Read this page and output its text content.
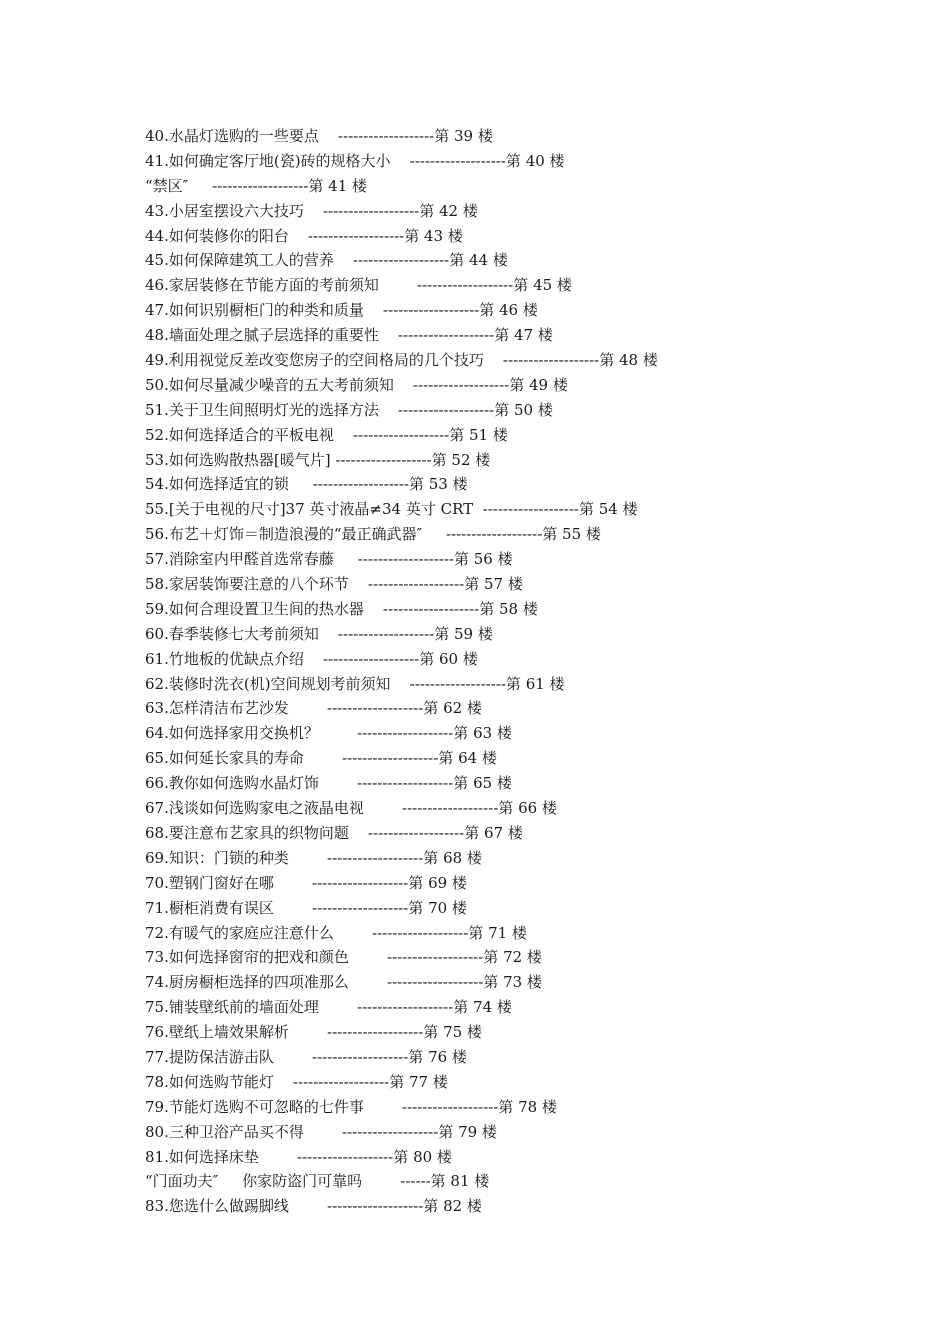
40.水晶灯选购的一些要点    -------------------第 39 楼
41.如何确定客厅地(瓷)砖的规格大小    -------------------第 40 楼
“禁区″     -------------------第 41 楼
43.小居室摆设六大技巧    -------------------第 42 楼
44.如何装修你的阳台    -------------------第 43 楼
45.如何保障建筑工人的营养    -------------------第 44 楼
46.家居装修在节能方面的考前须知        -------------------第 45 楼
47.如何识别橱柜门的种类和质量    -------------------第 46 楼
48.墙面处理之腻子层选择的重要性    -------------------第 47 楼
49.利用视觉反差改变您房子的空间格局的几个技巧    -------------------第 48 楼
50.如何尽量减少噪音的五大考前须知    -------------------第 49 楼
51.关于卫生间照明灯光的选择方法    -------------------第 50 楼
52.如何选择适合的平板电视    -------------------第 51 楼
53.如何选购散热器[暖气片] -------------------第 52 楼
54.如何选择适宜的锁     -------------------第 53 楼
55.[关于电视的尺寸]37 英寸液晶≠34 英寸 CRT  -------------------第 54 楼
56.布艺＋灯饰＝制造浪漫的“最正确武器″     -------------------第 55 楼
57.消除室内甲醛首选常春藤     -------------------第 56 楼
58.家居装饰要注意的八个环节    -------------------第 57 楼
59.如何合理设置卫生间的热水器    -------------------第 58 楼
60.春季装修七大考前须知    -------------------第 59 楼
61.竹地板的优缺点介绍    -------------------第 60 楼
62.装修时洗衣(机)空间规划考前须知    -------------------第 61 楼
63.怎样清洁布艺沙发        -------------------第 62 楼
64.如何选择家用交换机？        -------------------第 63 楼
65.如何延长家具的寿命        -------------------第 64 楼
66.教你如何选购水晶灯饰        -------------------第 65 楼
67.浅谈如何选购家电之液晶电视        -------------------第 66 楼
68.要注意布艺家具的织物问题    -------------------第 67 楼
69.知识：门锁的种类        -------------------第 68 楼
70.塑钢门窗好在哪        -------------------第 69 楼
71.橱柜消费有误区        -------------------第 70 楼
72.有暖气的家庭应注意什么        -------------------第 71 楼
73.如何选择窗帘的把戏和颜色        -------------------第 72 楼
74.厨房橱柜选择的四项准那么        -------------------第 73 楼
75.铺装壁纸前的墙面处理        -------------------第 74 楼
76.壁纸上墙效果解析        -------------------第 75 楼
77.提防保洁游击队        -------------------第 76 楼
78.如何选购节能灯    -------------------第 77 楼
79.节能灯选购不可忽略的七件事        -------------------第 78 楼
80.三种卫浴产品买不得        -------------------第 79 楼
81.如何选择床垫        -------------------第 80 楼
“门面功夫″     你家防盗门可靠吗        ------第 81 楼
83.您选什么做踢脚线        -------------------第 82 楼
